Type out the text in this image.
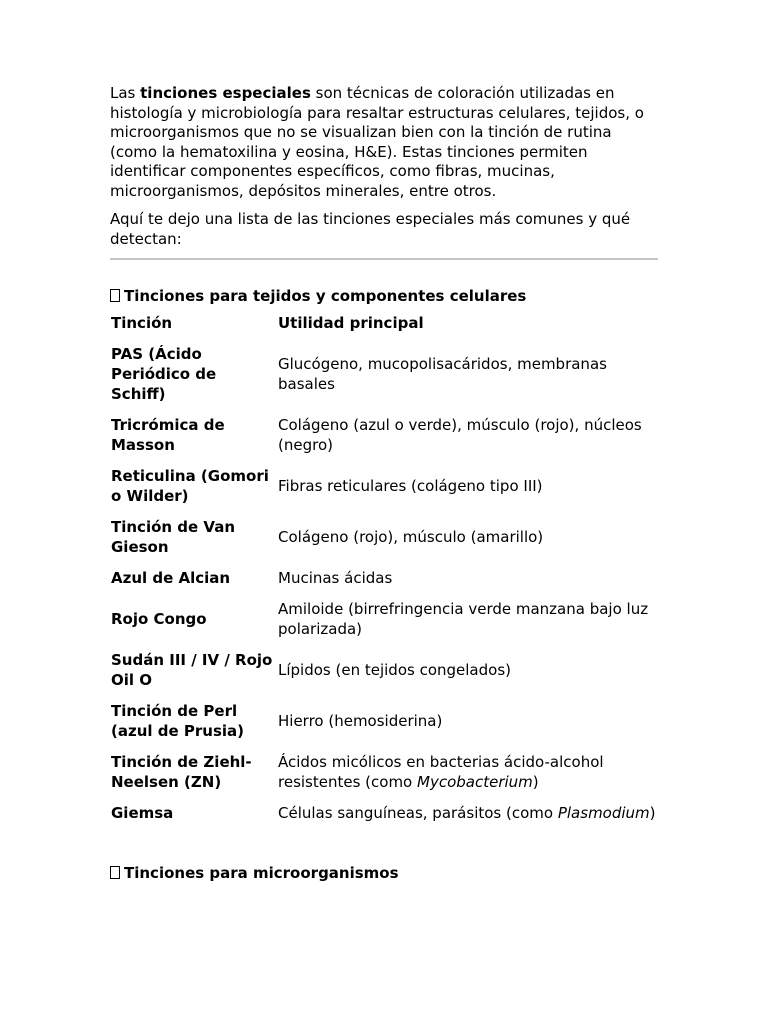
Las tinciones especiales son técnicas de coloración utilizadas en histología y microbiología para resaltar estructuras celulares, tejidos, o microorganismos que no se visualizan bien con la tinción de rutina (como la hematoxilina y eosina, H&E). Estas tinciones permiten identificar componentes específicos, como fibras, mucinas, microorganismos, depósitos minerales, entre otros.

Aquí te dejo una lista de las tinciones especiales más comunes y qué detectan:

Tinciones para tejidos y componentes celulares

Tinción	Utilidad principal
PAS (Ácido Periódico de Schiff)	Glucógeno, mucopolisacáridos, membranas basales
Tricrómica de Masson	Colágeno (azul o verde), músculo (rojo), núcleos (negro)
Reticulina (Gomori o Wilder)	Fibras reticulares (colágeno tipo III)
Tinción de Van Gieson	Colágeno (rojo), músculo (amarillo)
Azul de Alcian	Mucinas ácidas
Rojo Congo	Amiloide (birrefringencia verde manzana bajo luz polarizada)
Sudán III / IV / Rojo Oil O	Lípidos (en tejidos congelados)
Tinción de Perl (azul de Prusia)	Hierro (hemosiderina)
Tinción de Ziehl-Neelsen (ZN)	Ácidos micólicos en bacterias ácido-alcohol resistentes (como Mycobacterium)
Giemsa	Células sanguíneas, parásitos (como Plasmodium)

Tinciones para microorganismos
